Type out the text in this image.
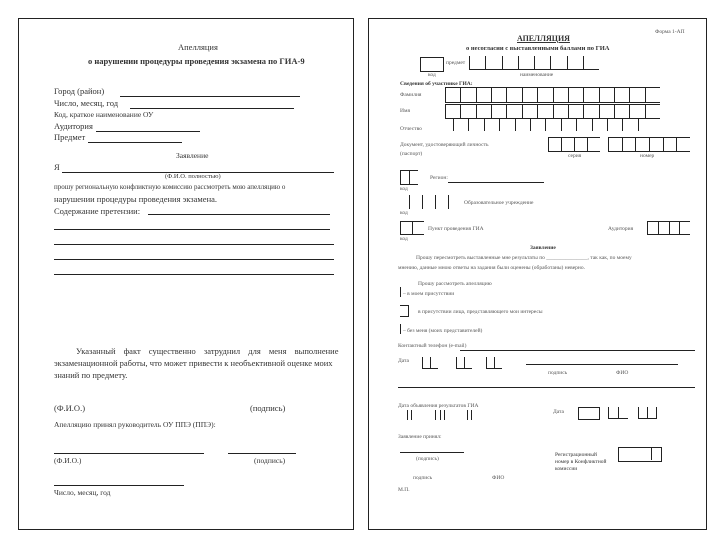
Апелляция
о нарушении процедуры проведения экзамена по ГИА-9
Город (район)
Число, месяц, год
Код, краткое наименование ОУ
Аудитория
Предмет
Заявление
Я
(Ф.И.О. полностью)
прошу региональную конфликтную комиссию рассмотреть мою апелляцию о
нарушении процедуры проведения экзамена.
Содержание претензии:
Указанный факт существенно затруднил для меня выполнение
экзаменационной работы, что может привести к необъективной оценке моих
знаний по предмету.
(Ф.И.О.)	(подпись)
Апелляцию принял руководитель ОУ ППЭ (ППЭ):
(Ф.И.О.)	(подпись)
Число, месяц, год
Форма 1-АП
АПЕЛЛЯЦИЯ
о несогласии с выставленными баллами по ГИА
предмет
код	наименование
Сведения об участнике ГИА:
Фамилия
Имя
Отчество
Документ, удостоверяющий личность
(паспорт)	серия	номер
Регион:
код
Образовательное учреждение
код
Пункт проведения ГИА	Аудитория
код
Заявление
Прошу пересмотреть выставленные мне результаты по _______________, так как, по моему
мнению, данные мною ответы на задания были оценены (обработаны) неверно.
Прошу рассмотреть апелляцию
– в моем присутствии
в присутствии лица, представляющего мои интересы
– без меня (моих представителей)
Контактный телефон (e-mail)
Дата
подпись	ФИО
Дата объявления результатов ГИА
Дата
Заявление принял:
(подпись)
подпись	ФИО
Регистрационный
номер в Конфликтной
комиссии
М.П.
